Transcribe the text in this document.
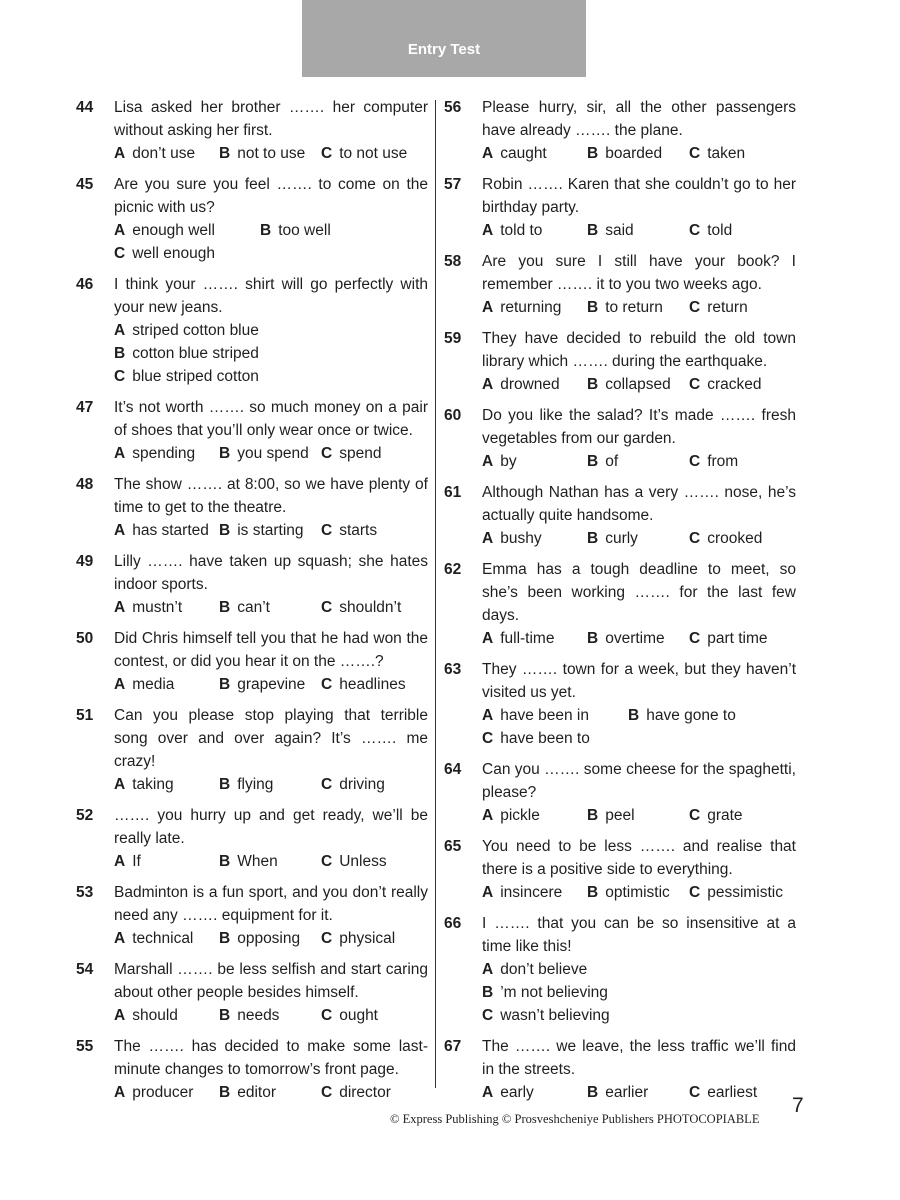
Entry Test
44	Lisa asked her brother ……. her computer without asking her first.
A don’t use	B not to use	C to not use
45	Are you sure you feel ……. to come on the picnic with us?
A enough well	B too well
C well enough
46	I think your ……. shirt will go perfectly with your new jeans.
A striped cotton blue
B cotton blue striped
C blue striped cotton
47	It’s not worth ……. so much money on a pair of shoes that you’ll only wear once or twice.
A spending	B you spend C spend
48	The show ……. at 8:00, so we have plenty of time to get to the theatre.
A has started B is starting	C starts
49	Lilly ……. have taken up squash; she hates indoor sports.
A mustn’t	B can’t	C shouldn’t
50	Did Chris himself tell you that he had won the contest, or did you hear it on the …….?
A media	B grapevine	C headlines
51	Can you please stop playing that terrible song over and over again? It’s ……. me crazy!
A taking	B flying	C driving
52	……. you hurry up and get ready, we’ll be really late.
A If	B When	C Unless
53	Badminton is a fun sport, and you don’t really need any ……. equipment for it.
A technical	B opposing	C physical
54	Marshall ……. be less selfish and start caring about other people besides himself.
A should	B needs	C ought
55	The ……. has decided to make some last-minute changes to tomorrow’s front page.
A producer	B editor	C director
56	Please hurry, sir, all the other passengers have already ……. the plane.
A caught	B boarded	C taken
57	Robin ……. Karen that she couldn’t go to her birthday party.
A told to	B said	C told
58	Are you sure I still have your book? I remember ……. it to you two weeks ago.
A returning	B to return	C return
59	They have decided to rebuild the old town library which ……. during the earthquake.
A drowned	B collapsed	C cracked
60	Do you like the salad? It’s made ……. fresh vegetables from our garden.
A by	B of	C from
61	Although Nathan has a very ……. nose, he’s actually quite handsome.
A bushy	B curly	C crooked
62	Emma has a tough deadline to meet, so she’s been working ……. for the last few days.
A full-time	B overtime	C part time
63	They ……. town for a week, but they haven’t visited us yet.
A have been in	B have gone to
C have been to
64	Can you ……. some cheese for the spaghetti, please?
A pickle	B peel	C grate
65	You need to be less ……. and realise that there is a positive side to everything.
A insincere	B optimistic	C pessimistic
66	I ……. that you can be so insensitive at a time like this!
A don’t believe
B ’m not believing
C wasn’t believing
67	The ……. we leave, the less traffic we’ll find in the streets.
A early	B earlier	C earliest
© Express Publishing © Prosveshcheniye Publishers PHOTOCOPIABLE
7
